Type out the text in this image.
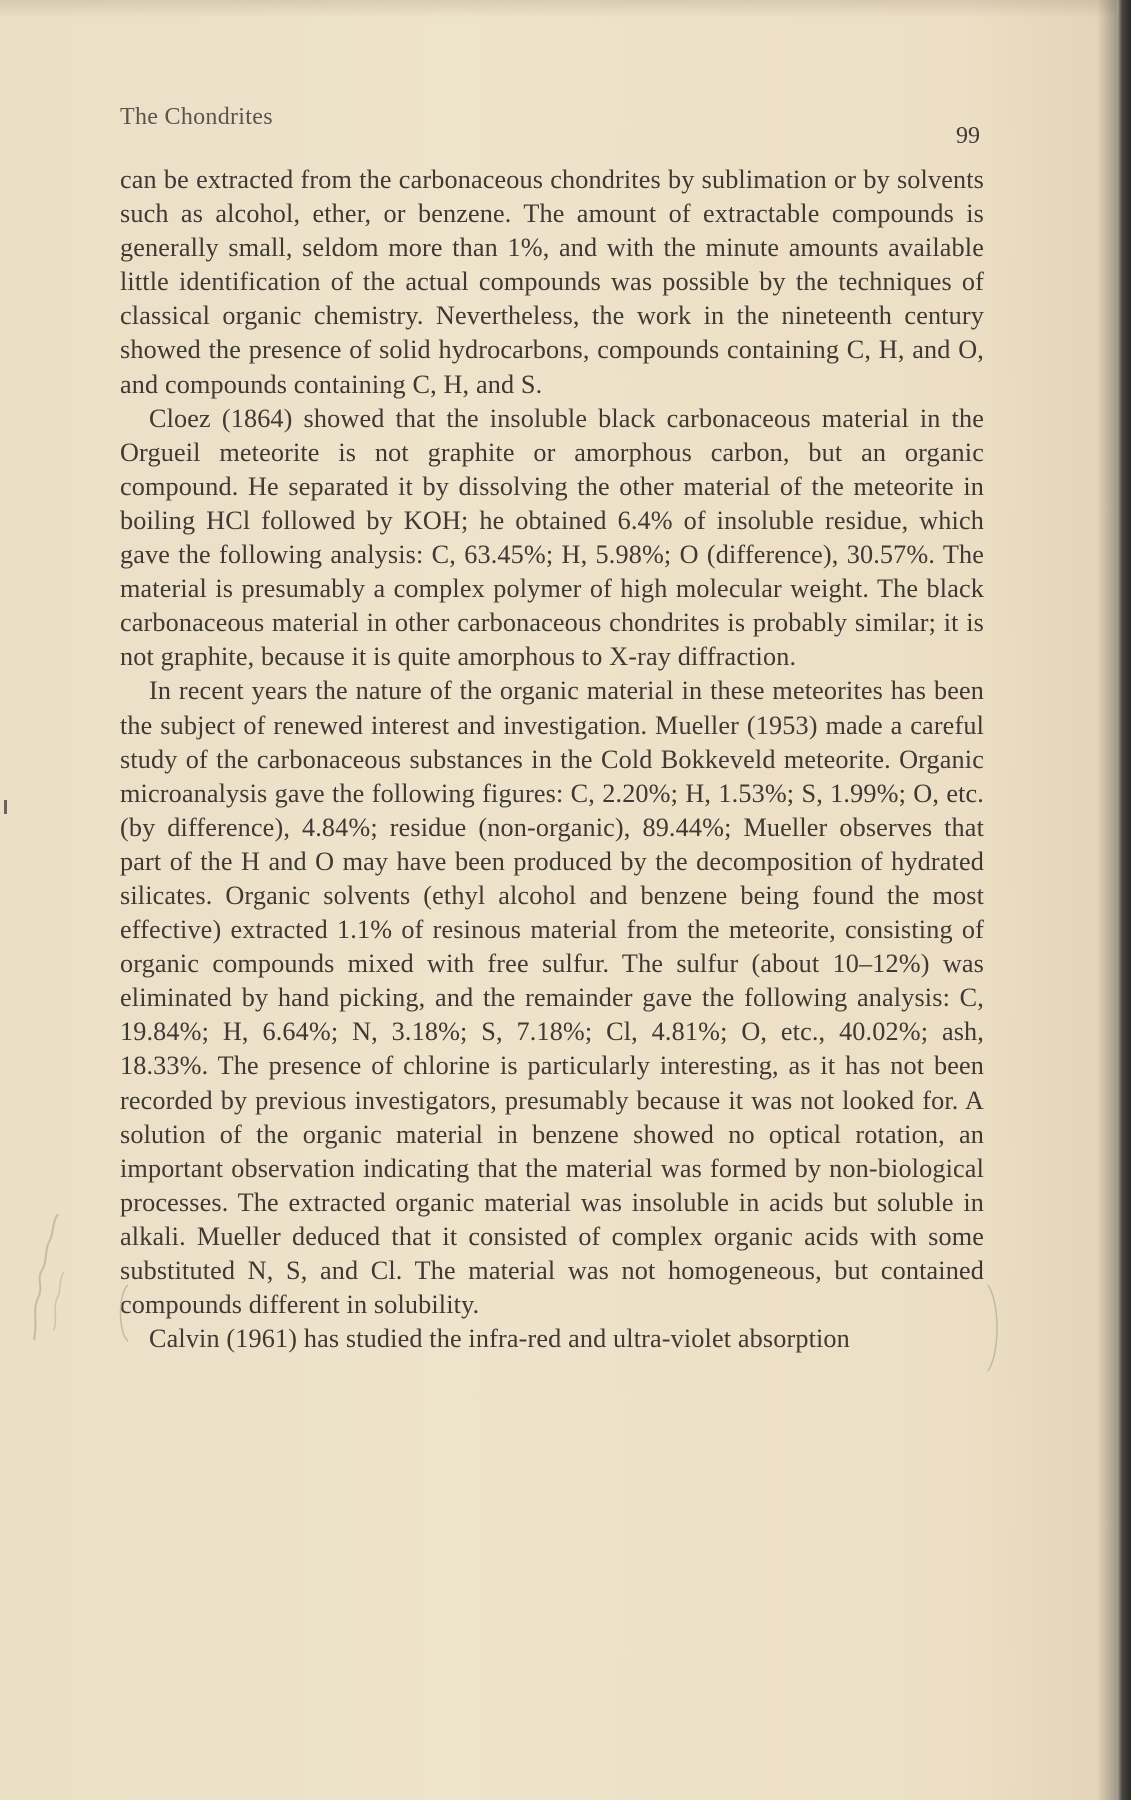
The Chondrites
99

can be extracted from the carbonaceous chondrites by sublimation or by solvents such as alcohol, ether, or benzene. The amount of extractable compounds is generally small, seldom more than 1%, and with the minute amounts available little identification of the actual compounds was possible by the techniques of classical organic chemistry. Nevertheless, the work in the nineteenth century showed the presence of solid hydrocarbons, compounds containing C, H, and O, and compounds containing C, H, and S.

Cloez (1864) showed that the insoluble black carbonaceous material in the Orgueil meteorite is not graphite or amorphous carbon, but an organic compound. He separated it by dissolving the other material of the meteorite in boiling HCl followed by KOH; he obtained 6.4% of insoluble residue, which gave the following analysis: C, 63.45%; H, 5.98%; O (difference), 30.57%. The material is presumably a complex polymer of high molecular weight. The black carbonaceous material in other carbonaceous chondrites is probably similar; it is not graphite, because it is quite amorphous to X-ray diffraction.

In recent years the nature of the organic material in these meteorites has been the subject of renewed interest and investigation. Mueller (1953) made a careful study of the carbonaceous substances in the Cold Bokkeveld meteorite. Organic microanalysis gave the following figures: C, 2.20%; H, 1.53%; S, 1.99%; O, etc. (by difference), 4.84%; residue (non-organic), 89.44%; Mueller observes that part of the H and O may have been produced by the decomposition of hydrated silicates. Organic solvents (ethyl alcohol and benzene being found the most effective) extracted 1.1% of resinous material from the meteorite, consisting of organic compounds mixed with free sulfur. The sulfur (about 10–12%) was eliminated by hand picking, and the remainder gave the following analysis: C, 19.84%; H, 6.64%; N, 3.18%; S, 7.18%; Cl, 4.81%; O, etc., 40.02%; ash, 18.33%. The presence of chlorine is particularly interesting, as it has not been recorded by previous investigators, presumably because it was not looked for. A solution of the organic material in benzene showed no optical rotation, an important observation indicating that the material was formed by non-biological processes. The extracted organic material was insoluble in acids but soluble in alkali. Mueller deduced that it consisted of complex organic acids with some substituted N, S, and Cl. The material was not homogeneous, but contained compounds different in solubility.

Calvin (1961) has studied the infra-red and ultra-violet absorption
